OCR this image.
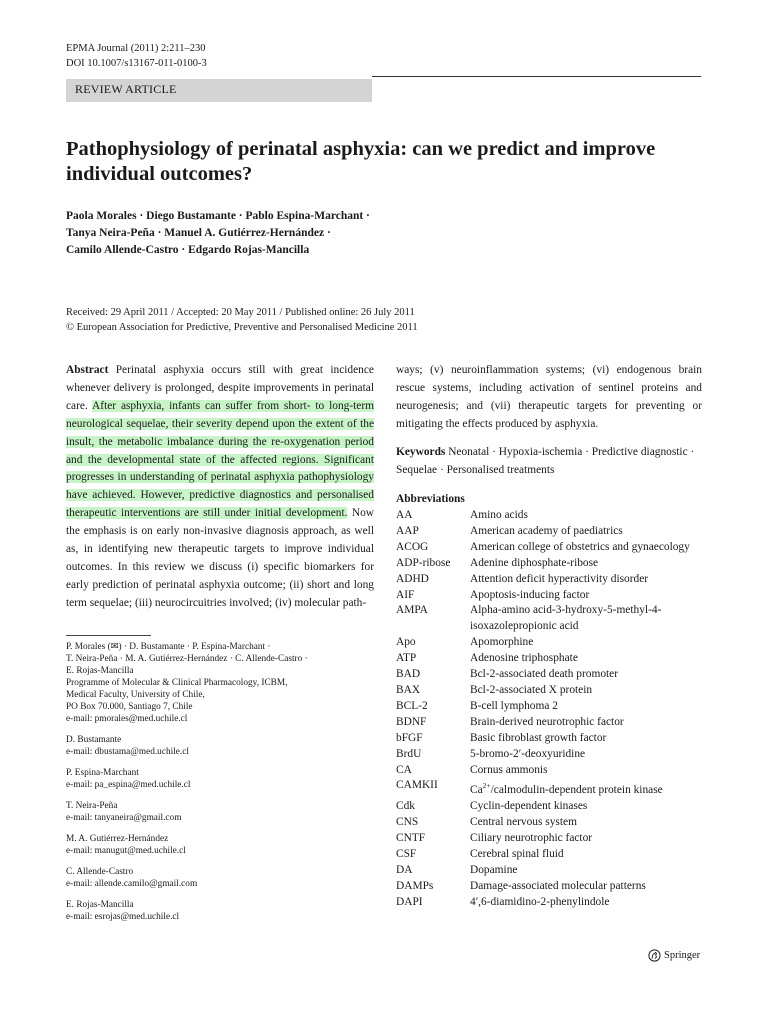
EPMA Journal (2011) 2:211–230
DOI 10.1007/s13167-011-0100-3
REVIEW ARTICLE
Pathophysiology of perinatal asphyxia: can we predict and improve individual outcomes?
Paola Morales · Diego Bustamante · Pablo Espina-Marchant ·
Tanya Neira-Peña · Manuel A. Gutiérrez-Hernández ·
Camilo Allende-Castro · Edgardo Rojas-Mancilla
Received: 29 April 2011 / Accepted: 20 May 2011 / Published online: 26 July 2011
© European Association for Predictive, Preventive and Personalised Medicine 2011
Abstract Perinatal asphyxia occurs still with great incidence whenever delivery is prolonged, despite improvements in perinatal care. After asphyxia, infants can suffer from short- to long-term neurological sequelae, their severity depend upon the extent of the insult, the metabolic imbalance during the re-oxygenation period and the developmental state of the affected regions. Significant progresses in understanding of perinatal asphyxia pathophysiology have achieved. However, predictive diagnostics and personalised therapeutic interventions are still under initial development. Now the emphasis is on early non-invasive diagnosis approach, as well as, in identifying new therapeutic targets to improve individual outcomes. In this review we discuss (i) specific biomarkers for early prediction of perinatal asphyxia outcome; (ii) short and long term sequelae; (iii) neurocircuitries involved; (iv) molecular path-
ways; (v) neuroinflammation systems; (vi) endogenous brain rescue systems, including activation of sentinel proteins and neurogenesis; and (vii) therapeutic targets for preventing or mitigating the effects produced by asphyxia.
Keywords Neonatal · Hypoxia-ischemia · Predictive diagnostic · Sequelae · Personalised treatments
Abbreviations
AA	Amino acids
AAP	American academy of paediatrics
ACOG	American college of obstetrics and gynaecology
ADP-ribose	Adenine diphosphate-ribose
ADHD	Attention deficit hyperactivity disorder
AIF	Apoptosis-inducing factor
AMPA	Alpha-amino acid-3-hydroxy-5-methyl-4-isoxazolepropionic acid
Apo	Apomorphine
ATP	Adenosine triphosphate
BAD	Bcl-2-associated death promoter
BAX	Bcl-2-associated X protein
BCL-2	B-cell lymphoma 2
BDNF	Brain-derived neurotrophic factor
bFGF	Basic fibroblast growth factor
BrdU	5-bromo-2′-deoxyuridine
CA	Cornus ammonis
CAMKII	$Ca^{2+}/calmodulin$-dependent protein kinase
Cdk	Cyclin-dependent kinases
CNS	Central nervous system
CNTF	Ciliary neurotrophic factor
CSF	Cerebral spinal fluid
DA	Dopamine
DAMPs	Damage-associated molecular patterns
DAPI	4′,6-diamidino-2-phenylindole
P. Morales (✉) · D. Bustamante · P. Espina-Marchant ·
T. Neira-Peña · M. A. Gutiérrez-Hernández · C. Allende-Castro ·
E. Rojas-Mancilla
Programme of Molecular & Clinical Pharmacology, ICBM,
Medical Faculty, University of Chile,
PO Box 70.000, Santiago 7, Chile
e-mail: pmorales@med.uchile.cl
D. Bustamante
e-mail: dbustama@med.uchile.cl
P. Espina-Marchant
e-mail: pa_espina@med.uchile.cl
T. Neira-Peña
e-mail: tanyaneira@gmail.com
M. A. Gutiérrez-Hernández
e-mail: manugut@med.uchile.cl
C. Allende-Castro
e-mail: allende.camilo@gmail.com
E. Rojas-Mancilla
e-mail: esrojas@med.uchile.cl
Springer
